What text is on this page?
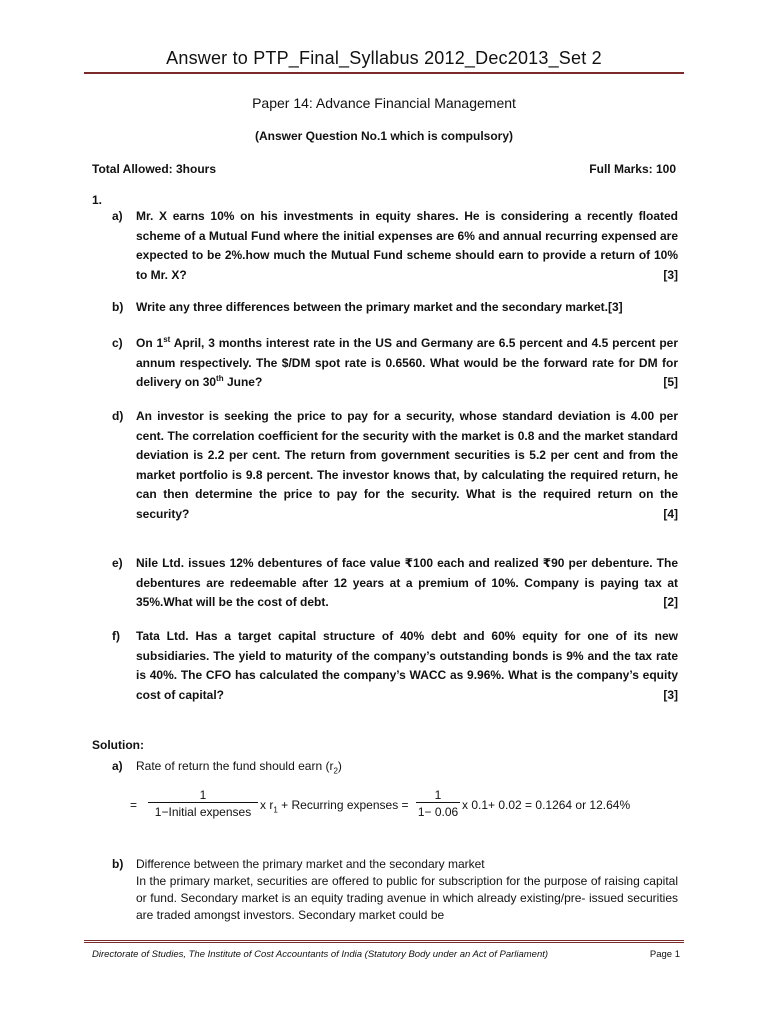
Answer to PTP_Final_Syllabus 2012_Dec2013_Set 2
Paper 14: Advance Financial Management
(Answer Question No.1 which is compulsory)
Total Allowed: 3hours	Full Marks: 100
1.
a) Mr. X earns 10% on his investments in equity shares. He is considering a recently floated scheme of a Mutual Fund where the initial expenses are 6% and annual recurring expensed are expected to be 2%.how much the Mutual Fund scheme should earn to provide a return of 10% to Mr. X?	[3]
b) Write any three differences between the primary market and the secondary market.[3]
c) On 1st April, 3 months interest rate in the US and Germany are 6.5 percent and 4.5 percent per annum respectively. The $/DM spot rate is 0.6560. What would be the forward rate for DM for delivery on 30th June?	[5]
d) An investor is seeking the price to pay for a security, whose standard deviation is 4.00 per cent. The correlation coefficient for the security with the market is 0.8 and the market standard deviation is 2.2 per cent. The return from government securities is 5.2 per cent and from the market portfolio is 9.8 percent. The investor knows that, by calculating the required return, he can then determine the price to pay for the security. What is the required return on the security?	[4]
e) Nile Ltd. issues 12% debentures of face value ₹100 each and realized ₹90 per debenture. The debentures are redeemable after 12 years at a premium of 10%. Company is paying tax at 35%.What will be the cost of debt.	[2]
f) Tata Ltd. Has a target capital structure of 40% debt and 60% equity for one of its new subsidiaries. The yield to maturity of the company’s outstanding bonds is 9% and the tax rate is 40%. The CFO has calculated the company’s WACC as 9.96%. What is the company’s equity cost of capital?	[3]
Solution:
a) Rate of return the fund should earn $(r_2)$
=
1
1−Initial expenses x $r_1$ + Recurring expenses = $\frac{1}{1- 0.06}$ x 0.1+ 0.02 = 0.1264 or 12.64%
b) Difference between the primary market and the secondary market
In the primary market, securities are offered to public for subscription for the purpose of raising capital or fund. Secondary market is an equity trading avenue in which already existing/pre- issued securities are traded amongst investors. Secondary market could be
Directorate of Studies, The Institute of Cost Accountants of India (Statutory Body under an Act of Parliament)	Page 1
